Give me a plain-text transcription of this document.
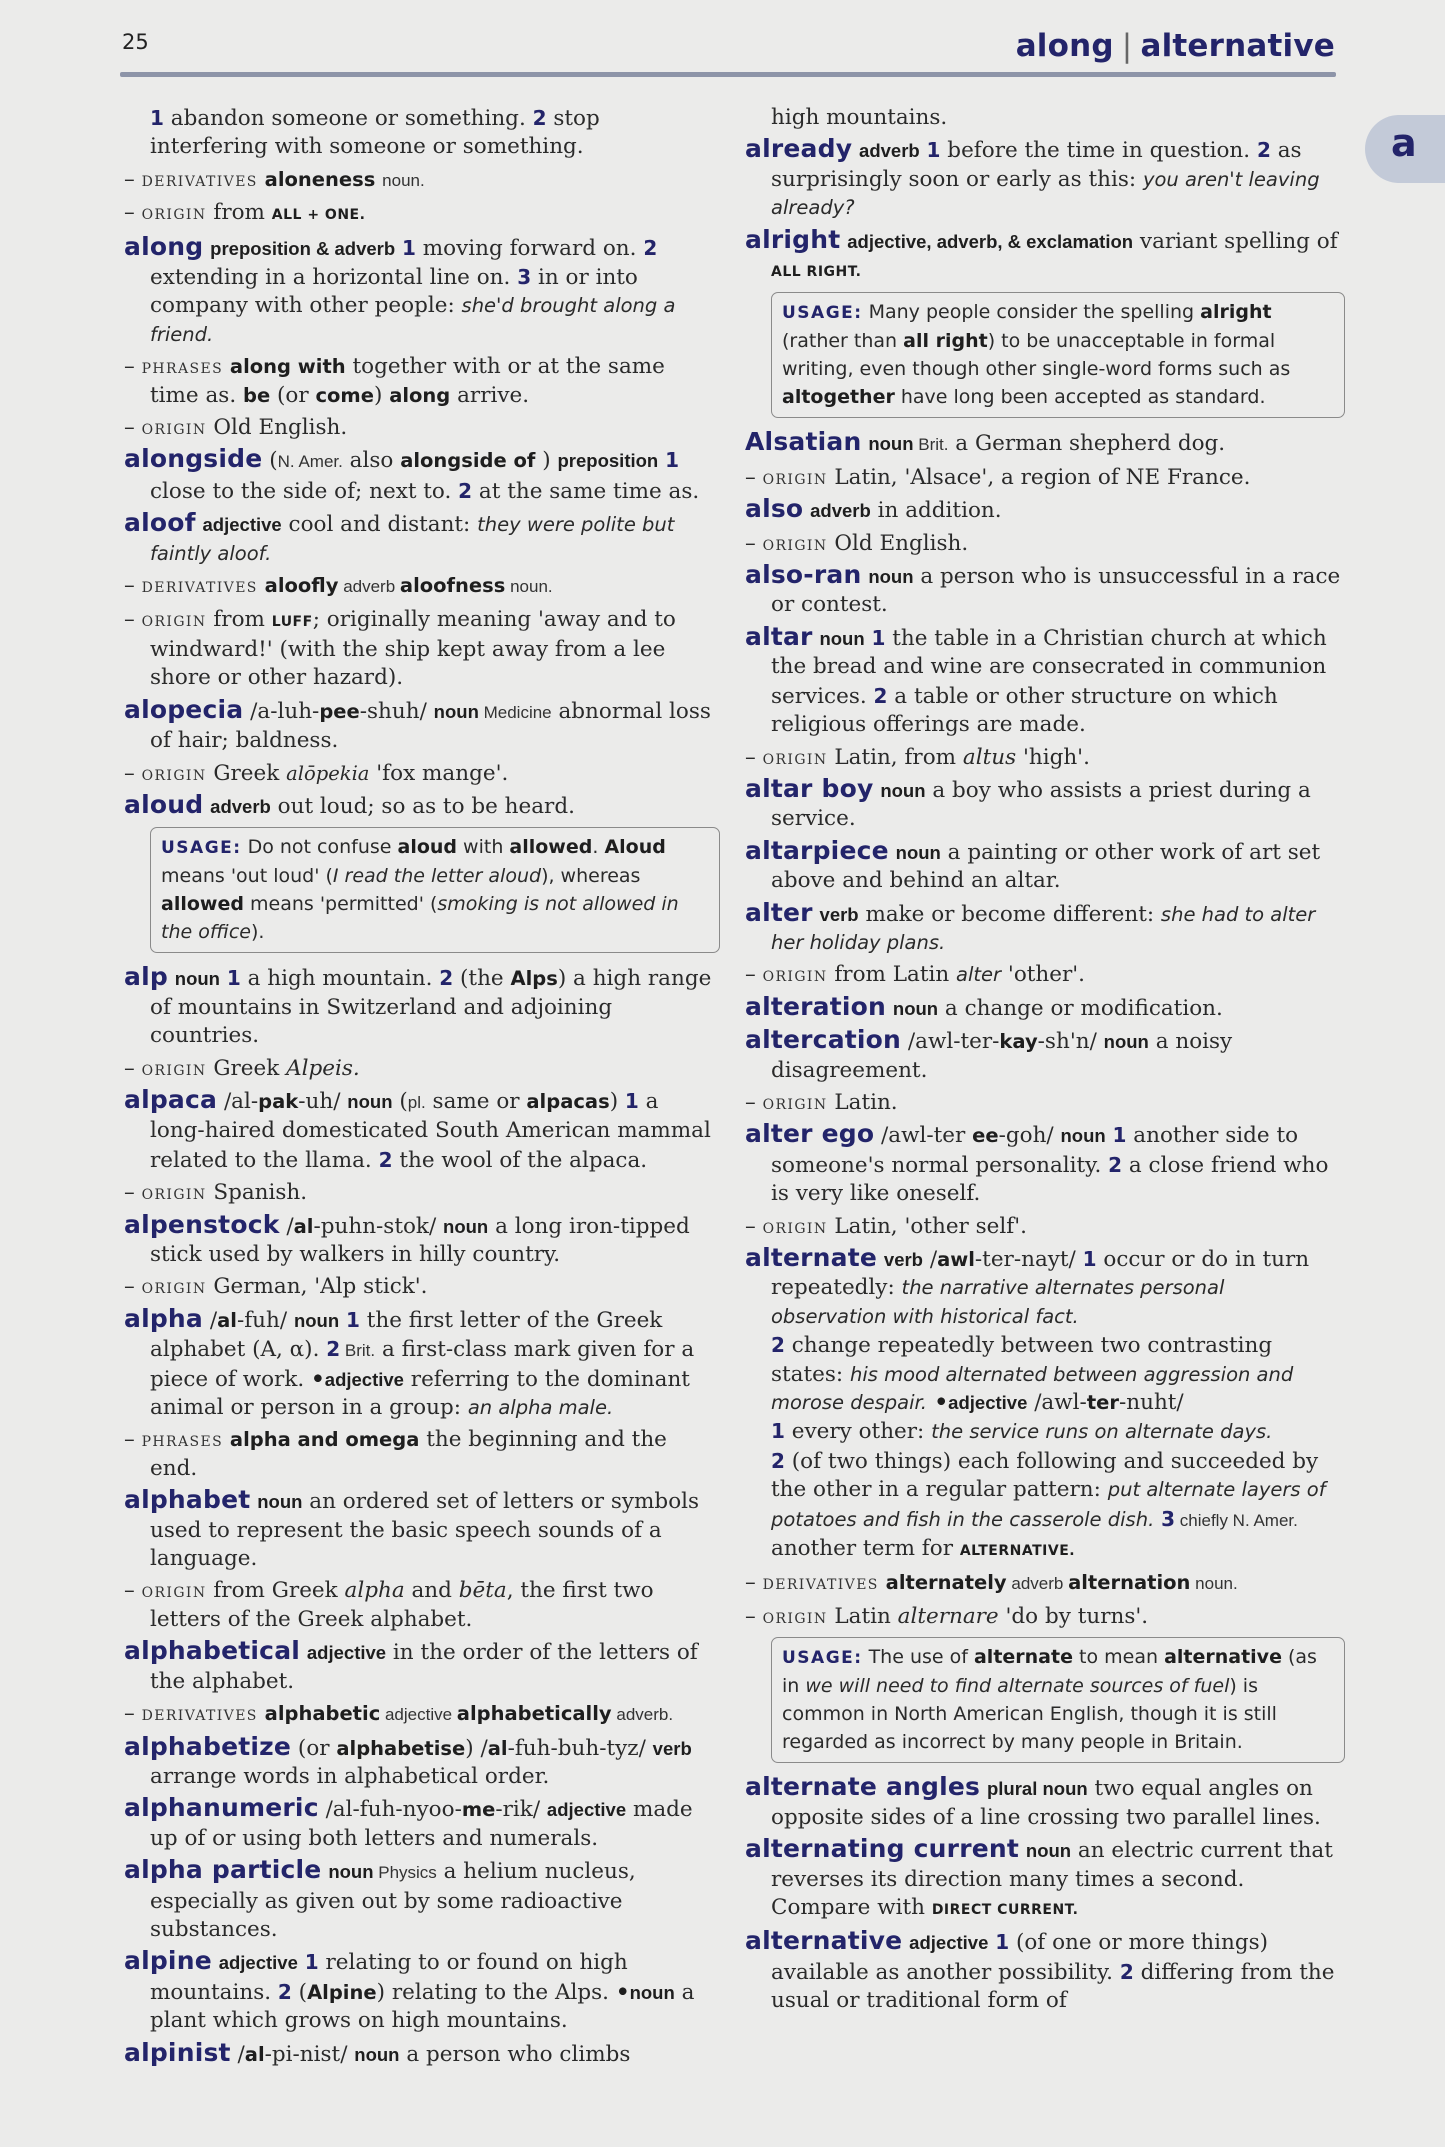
25	along | alternative
a

1 abandon someone or something. 2 stop interfering with someone or something.

– derivatives aloneness noun.

– origin from ALL + ONE.

along preposition & adverb 1 moving forward on. 2 extending in a horizontal line on. 3 in or into company with other people: she'd brought along a friend.

– phrases along with together with or at the same time as. be (or come) along arrive.

– origin Old English.

alongside (N. Amer. also alongside of ) preposition 1 close to the side of; next to. 2 at the same time as.

aloof adjective cool and distant: they were polite but faintly aloof.

– derivatives aloofly adverb aloofness noun.

– origin from LUFF; originally meaning 'away and to windward!' (with the ship kept away from a lee shore or other hazard).

alopecia /a-luh-pee-shuh/ noun Medicine abnormal loss of hair; baldness.

– origin Greek alōpekia 'fox mange'.

aloud adverb out loud; so as to be heard.

USAGE: Do not confuse aloud with allowed. Aloud means 'out loud' (I read the letter aloud), whereas allowed means 'permitted' (smoking is not allowed in the office).

alp noun 1 a high mountain. 2 (the Alps) a high range of mountains in Switzerland and adjoining countries.

– origin Greek Alpeis.

alpaca /al-pak-uh/ noun (pl. same or alpacas) 1 a long-haired domesticated South American mammal related to the llama. 2 the wool of the alpaca.

– origin Spanish.

alpenstock /al-puhn-stok/ noun a long iron-tipped stick used by walkers in hilly country.

– origin German, 'Alp stick'.

alpha /al-fuh/ noun 1 the first letter of the Greek alphabet (Α, α). 2 Brit. a first-class mark given for a piece of work. •adjective referring to the dominant animal or person in a group: an alpha male.

– phrases alpha and omega the beginning and the end.

alphabet noun an ordered set of letters or symbols used to represent the basic speech sounds of a language.

– origin from Greek alpha and bēta, the first two letters of the Greek alphabet.

alphabetical adjective in the order of the letters of the alphabet.

– derivatives alphabetic adjective alphabetically adverb.

alphabetize (or alphabetise) /al-fuh-buh-tyz/ verb arrange words in alphabetical order.

alphanumeric /al-fuh-nyoo-me-rik/ adjective made up of or using both letters and numerals.

alpha particle noun Physics a helium nucleus, especially as given out by some radioactive substances.

alpine adjective 1 relating to or found on high mountains. 2 (Alpine) relating to the Alps. •noun a plant which grows on high mountains.

alpinist /al-pi-nist/ noun a person who climbs

high mountains.

already adverb 1 before the time in question. 2 as surprisingly soon or early as this: you aren't leaving already?

alright adjective, adverb, & exclamation variant spelling of ALL RIGHT.

USAGE: Many people consider the spelling alright (rather than all right) to be unacceptable in formal writing, even though other single-word forms such as altogether have long been accepted as standard.

Alsatian noun Brit. a German shepherd dog.

– origin Latin, 'Alsace', a region of NE France.

also adverb in addition.

– origin Old English.

also-ran noun a person who is unsuccessful in a race or contest.

altar noun 1 the table in a Christian church at which the bread and wine are consecrated in communion services. 2 a table or other structure on which religious offerings are made.

– origin Latin, from altus 'high'.

altar boy noun a boy who assists a priest during a service.

altarpiece noun a painting or other work of art set above and behind an altar.

alter verb make or become different: she had to alter her holiday plans.

– origin from Latin alter 'other'.

alteration noun a change or modification.

altercation /awl-ter-kay-sh'n/ noun a noisy disagreement.

– origin Latin.

alter ego /awl-ter ee-goh/ noun 1 another side to someone's normal personality. 2 a close friend who is very like oneself.

– origin Latin, 'other self'.

alternate verb /awl-ter-nayt/ 1 occur or do in turn repeatedly: the narrative alternates personal observation with historical fact.
2 change repeatedly between two contrasting states: his mood alternated between aggression and morose despair. •adjective /awl-ter-nuht/
1 every other: the service runs on alternate days.
2 (of two things) each following and succeeded by the other in a regular pattern: put alternate layers of potatoes and fish in the casserole dish. 3 chiefly N. Amer. another term for ALTERNATIVE.

– derivatives alternately adverb alternation noun.

– origin Latin alternare 'do by turns'.

USAGE: The use of alternate to mean alternative (as in we will need to find alternate sources of fuel) is common in North American English, though it is still regarded as incorrect by many people in Britain.

alternate angles plural noun two equal angles on opposite sides of a line crossing two parallel lines.

alternating current noun an electric current that reverses its direction many times a second. Compare with DIRECT CURRENT.

alternative adjective 1 (of one or more things) available as another possibility. 2 differing from the usual or traditional form of
